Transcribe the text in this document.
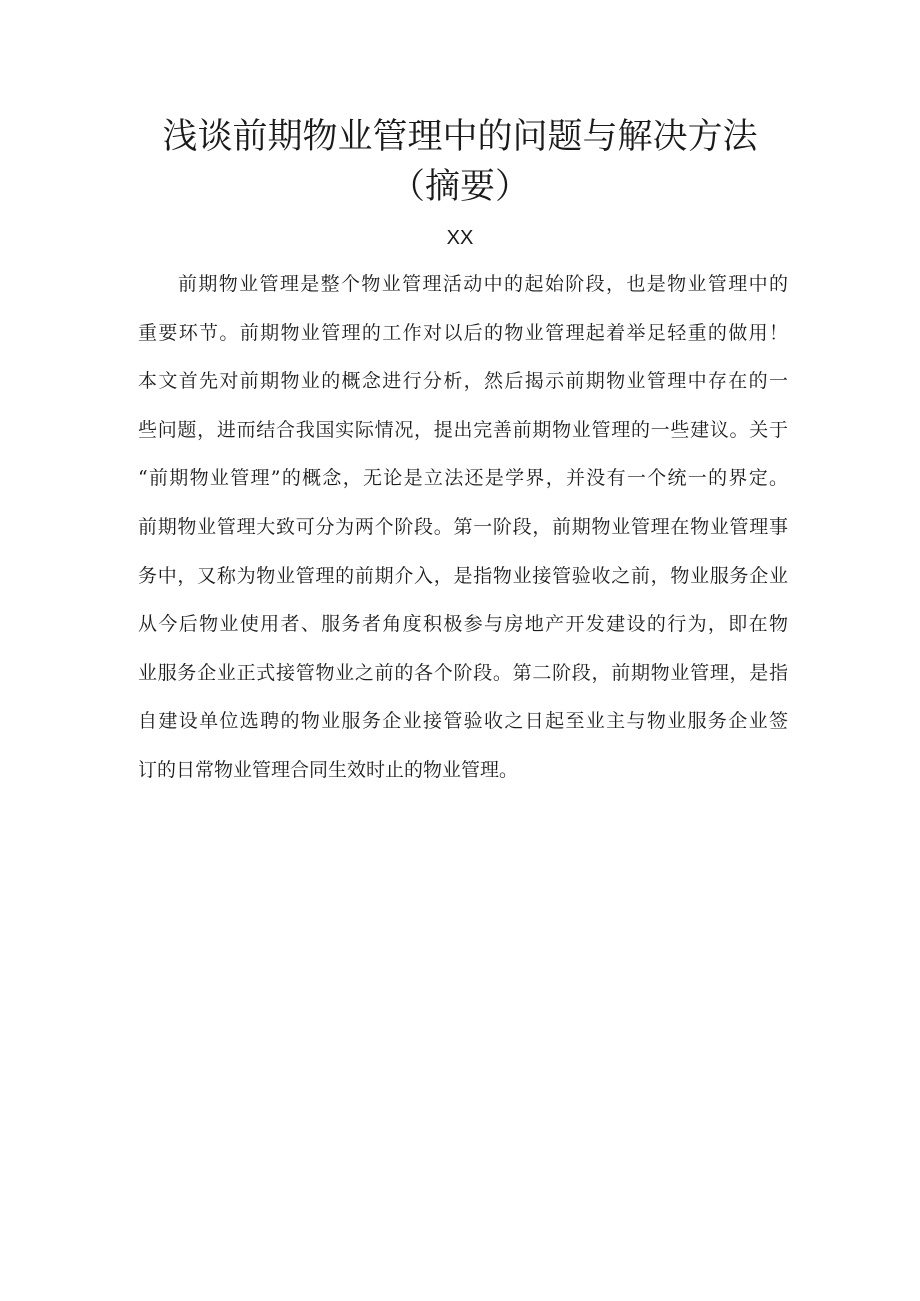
浅谈前期物业管理中的问题与解决方法
（摘要）
XX
前期物业管理是整个物业管理活动中的起始阶段，也是物业管理中的
重要环节。前期物业管理的工作对以后的物业管理起着举足轻重的做用！
本文首先对前期物业的概念进行分析，然后揭示前期物业管理中存在的一
些问题，进而结合我国实际情况，提出完善前期物业管理的一些建议。关于
“前期物业管理”的概念，无论是立法还是学界，并没有一个统一的界定。
前期物业管理大致可分为两个阶段。第一阶段，前期物业管理在物业管理事
务中，又称为物业管理的前期介入，是指物业接管验收之前，物业服务企业
从今后物业使用者、服务者角度积极参与房地产开发建设的行为，即在物
业服务企业正式接管物业之前的各个阶段。第二阶段，前期物业管理，是指
自建设单位选聘的物业服务企业接管验收之日起至业主与物业服务企业签
订的日常物业管理合同生效时止的物业管理。
